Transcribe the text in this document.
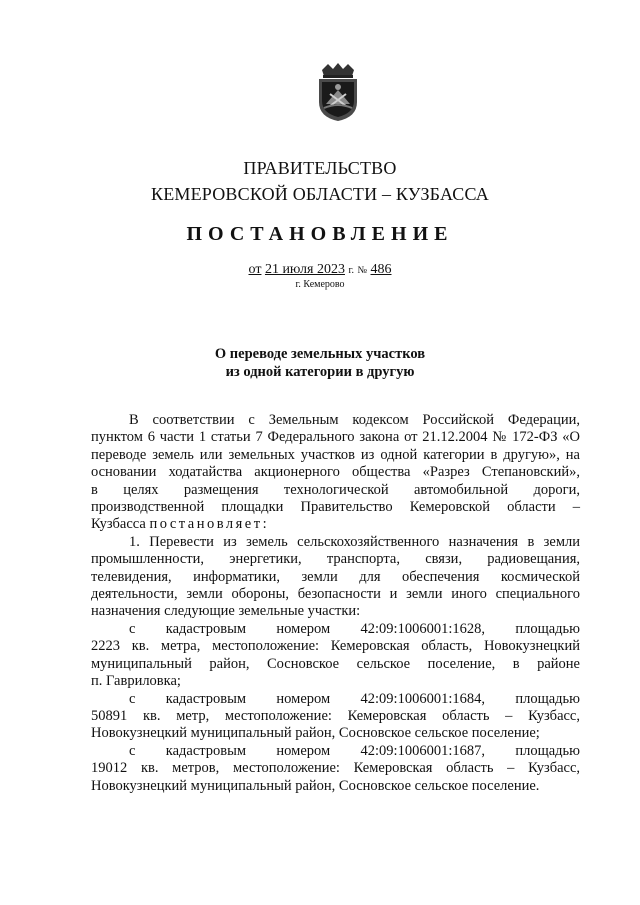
ПРАВИТЕЛЬСТВО
КЕМЕРОВСКОЙ ОБЛАСТИ – КУЗБАССА
ПОСТАНОВЛЕНИЕ
от 21 июля 2023 г. № 486
г. Кемерово
О переводе земельных участков
из одной категории в другую

В соответствии с Земельным кодексом Российской Федерации,

пунктом 6 части 1 статьи 7 Федерального закона от 21.12.2004 № 172-ФЗ «О

переводе земель или земельных участков из одной категории в другую», на

основании ходатайства акционерного общества «Разрез Степановский»,

в целях размещения технологической автомобильной дороги,

производственной площадки Правительство Кемеровской области –

Кузбасса постановляет:

1. Перевести из земель сельскохозяйственного назначения в земли

промышленности, энергетики, транспорта, связи, радиовещания,

телевидения, информатики, земли для обеспечения космической

деятельности, земли обороны, безопасности и земли иного специального

назначения следующие земельные участки:

с кадастровым номером 42:09:1006001:1628, площадью

2223 кв. метра, местоположение: Кемеровская область, Новокузнецкий

муниципальный район, Сосновское сельское поселение, в районе

п. Гавриловка;

с кадастровым номером 42:09:1006001:1684, площадью

50891 кв. метр, местоположение: Кемеровская область – Кузбасс,

Новокузнецкий муниципальный район, Сосновское сельское поселение;

с кадастровым номером 42:09:1006001:1687, площадью

19012 кв. метров, местоположение: Кемеровская область – Кузбасс,

Новокузнецкий муниципальный район, Сосновское сельское поселение.
